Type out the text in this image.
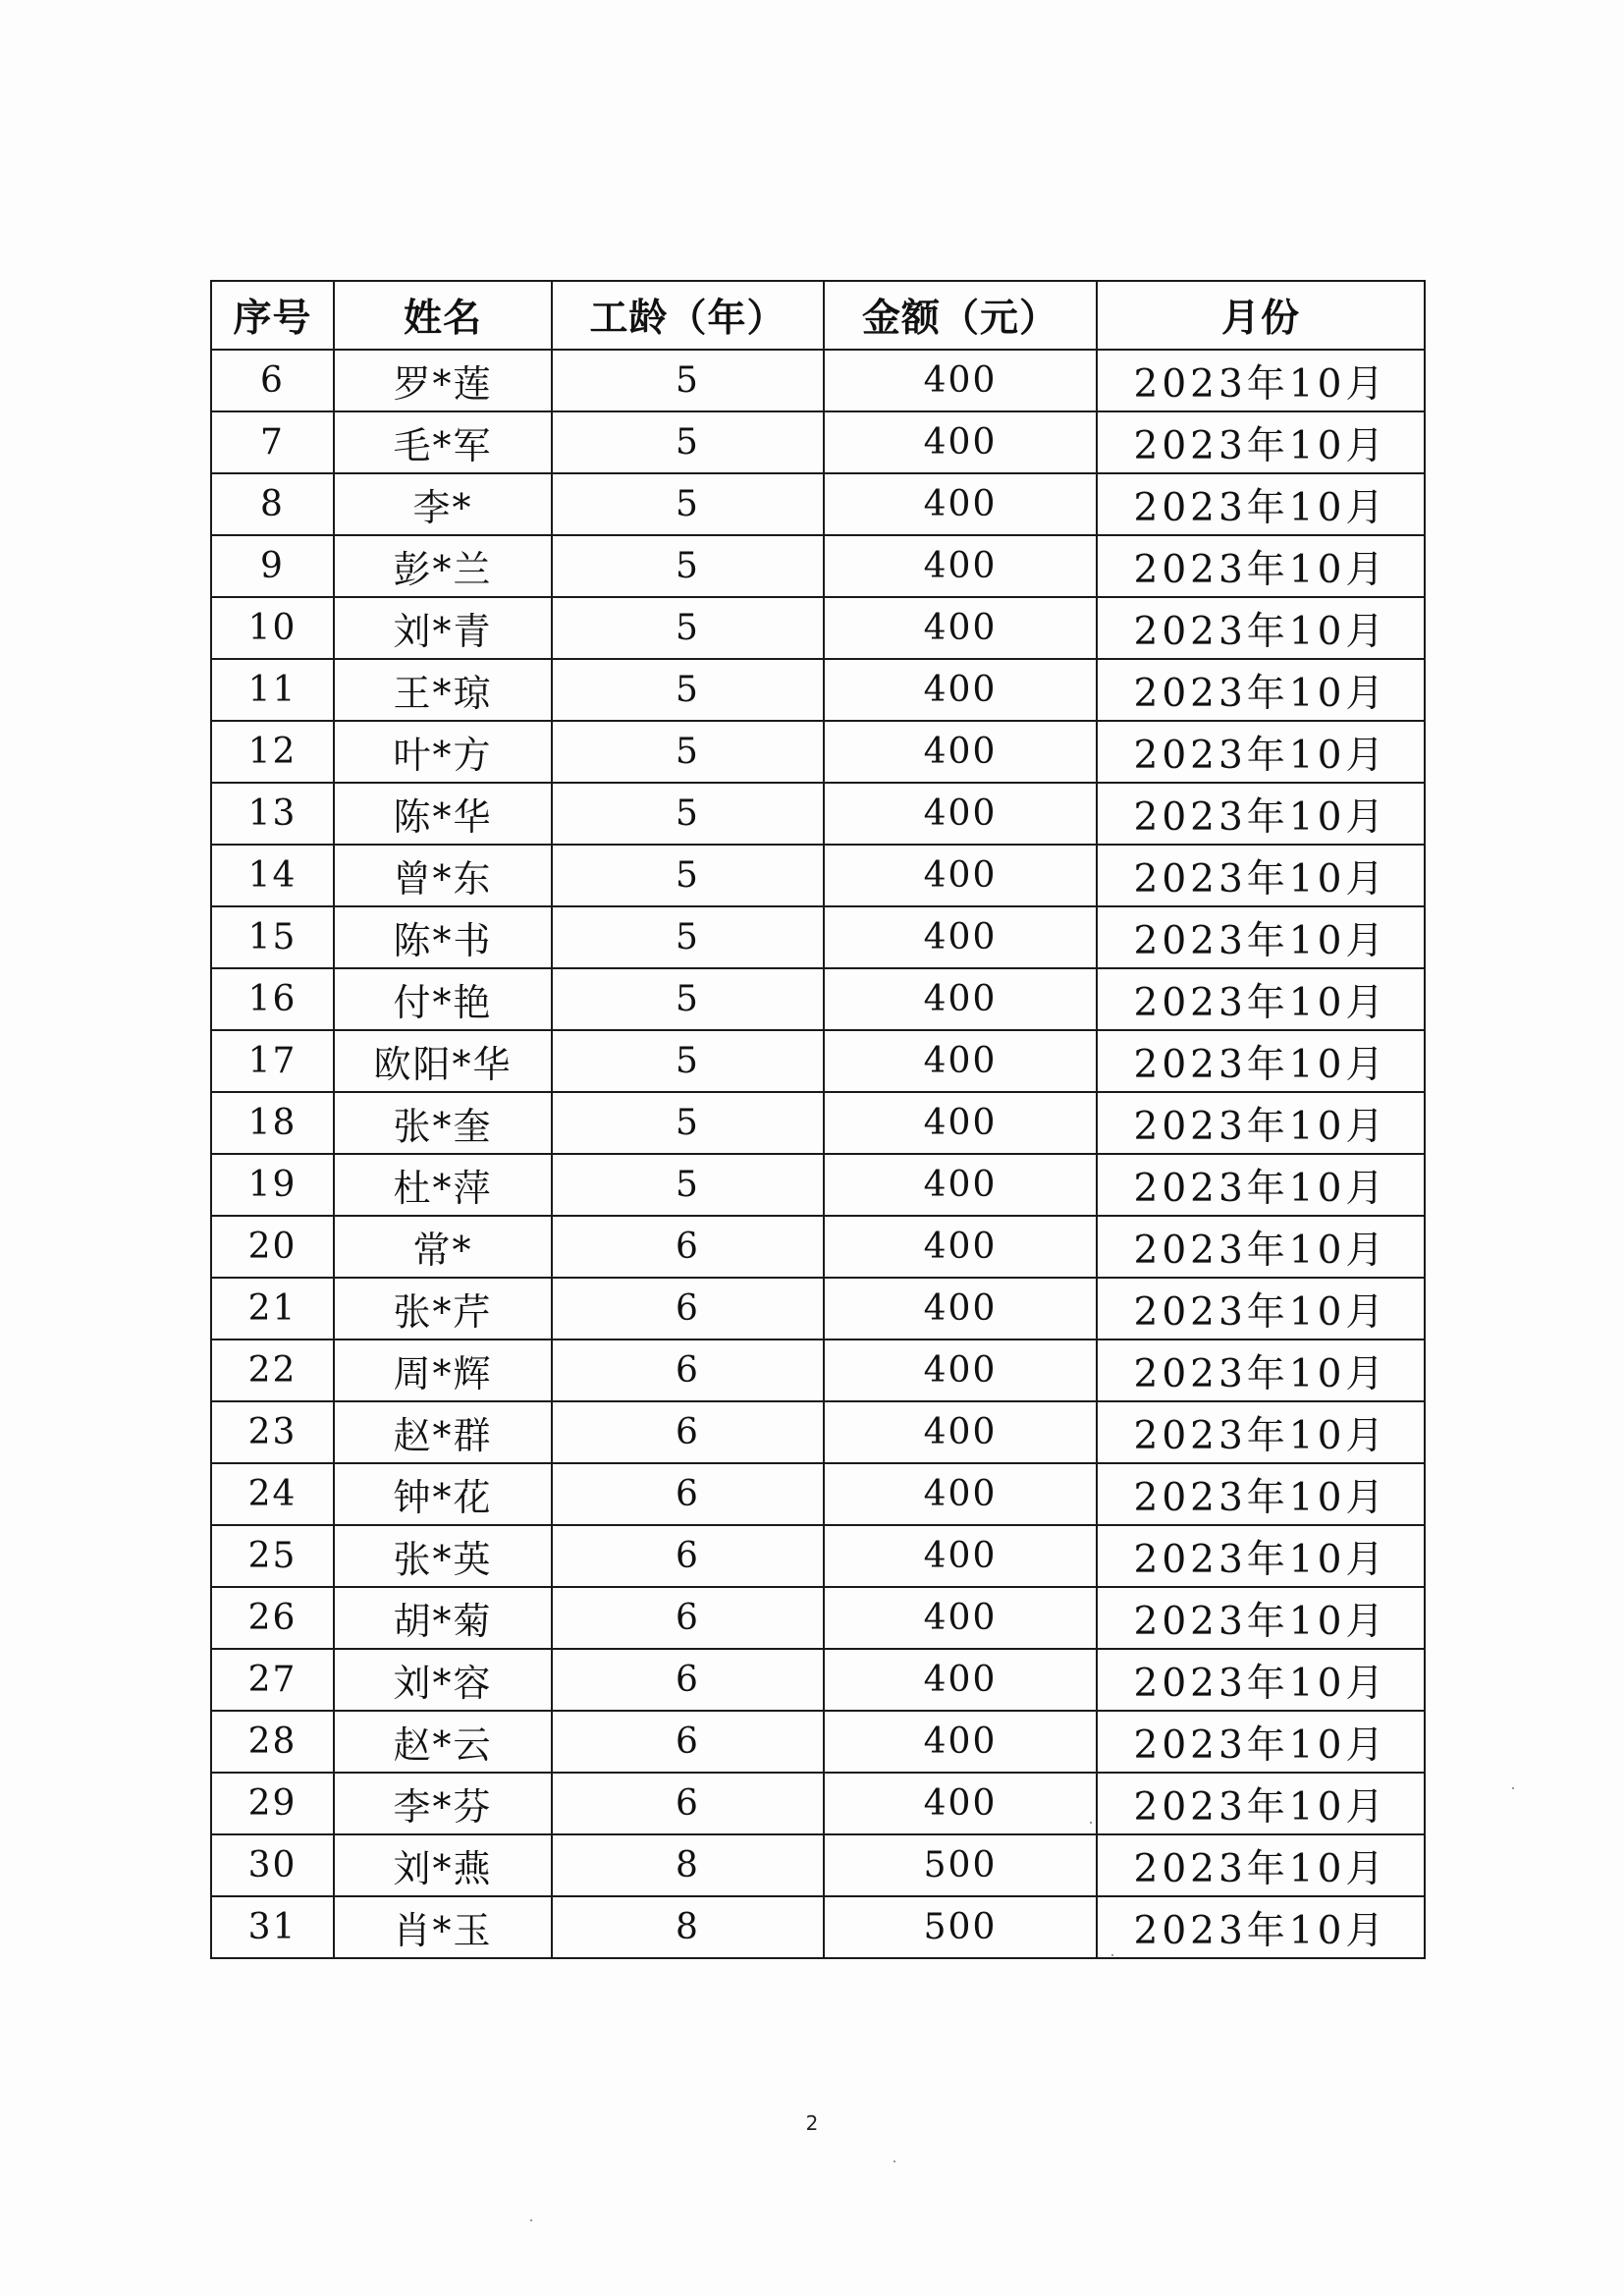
序号	姓名	工龄（年）	金额（元）	月份
6	罗*莲	5	400	2023年10月
7	毛*军	5	400	2023年10月
8	李*	5	400	2023年10月
9	彭*兰	5	400	2023年10月
10	刘*青	5	400	2023年10月
11	王*琼	5	400	2023年10月
12	叶*方	5	400	2023年10月
13	陈*华	5	400	2023年10月
14	曾*东	5	400	2023年10月
15	陈*书	5	400	2023年10月
16	付*艳	5	400	2023年10月
17	欧阳*华	5	400	2023年10月
18	张*奎	5	400	2023年10月
19	杜*萍	5	400	2023年10月
20	常*	6	400	2023年10月
21	张*芹	6	400	2023年10月
22	周*辉	6	400	2023年10月
23	赵*群	6	400	2023年10月
24	钟*花	6	400	2023年10月
25	张*英	6	400	2023年10月
26	胡*菊	6	400	2023年10月
27	刘*容	6	400	2023年10月
28	赵*云	6	400	2023年10月
29	李*芬	6	400	2023年10月
30	刘*燕	8	500	2023年10月
31	肖*玉	8	500	2023年10月
2
